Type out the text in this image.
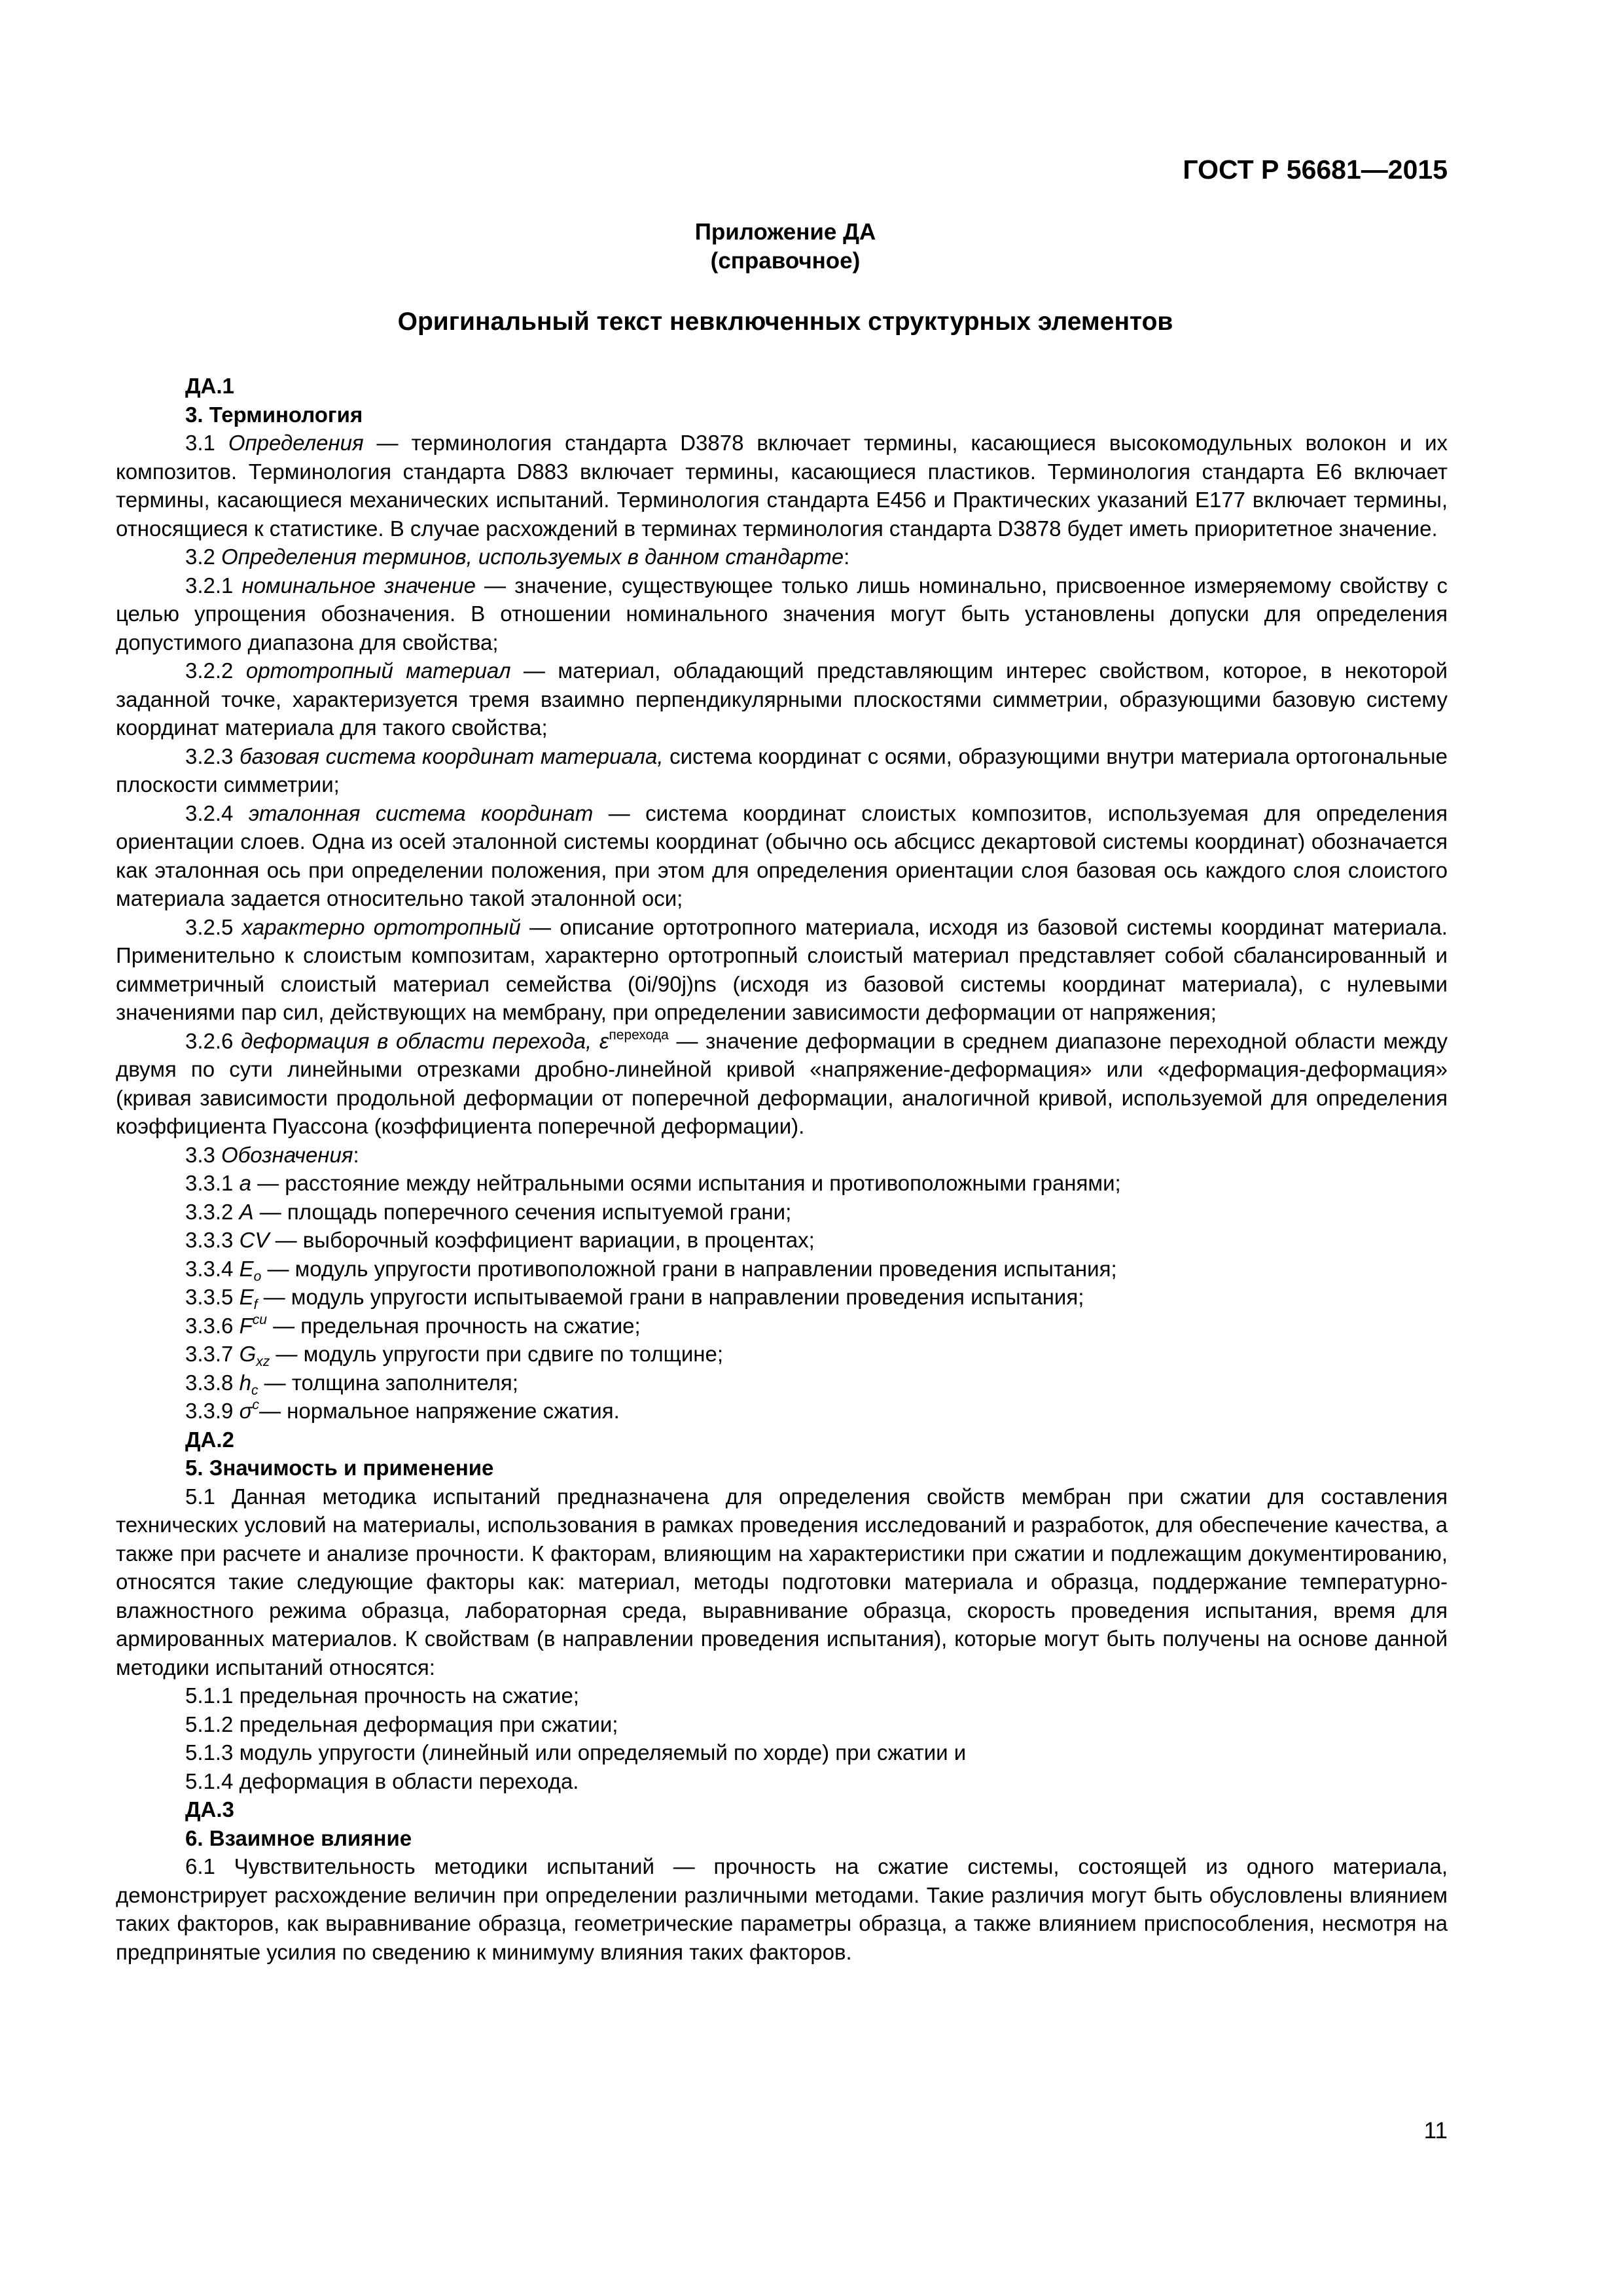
ГОСТ Р 56681—2015
Приложение ДА
(справочное)
Оригинальный текст невключенных структурных элементов

ДА.1

3. Терминология

3.1 Определения — терминология стандарта D3878 включает термины, касающиеся высокомодульных волокон и их композитов. Терминология стандарта D883 включает термины, касающиеся пластиков. Терминология стандарта E6 включает термины, касающиеся механических испытаний. Терминология стандарта E456 и Практических указаний E177 включает термины, относящиеся к статистике. В случае расхождений в терминах терминология стандарта D3878 будет иметь приоритетное значение.

3.2 Определения терминов, используемых в данном стандарте:

3.2.1 номинальное значение — значение, существующее только лишь номинально, присвоенное измеряемому свойству с целью упрощения обозначения. В отношении номинального значения могут быть установлены допуски для определения допустимого диапазона для свойства;

3.2.2 ортотропный материал — материал, обладающий представляющим интерес свойством, которое, в некоторой заданной точке, характеризуется тремя взаимно перпендикулярными плоскостями симметрии, образующими базовую систему координат материала для такого свойства;

3.2.3 базовая система координат материала, система координат с осями, образующими внутри материала ортогональные плоскости симметрии;

3.2.4 эталонная система координат — система координат слоистых композитов, используемая для определения ориентации слоев. Одна из осей эталонной системы координат (обычно ось абсцисс декартовой системы координат) обозначается как эталонная ось при определении положения, при этом для определения ориентации слоя базовая ось каждого слоя слоистого материала задается относительно такой эталонной оси;

3.2.5 характерно ортотропный — описание ортотропного материала, исходя из базовой системы координат материала. Применительно к слоистым композитам, характерно ортотропный слоистый материал представляет собой сбалансированный и симметричный слоистый материал семейства (0i/90j)ns (исходя из базовой системы координат материала), с нулевыми значениями пар сил, действующих на мембрану, при определении зависимости деформации от напряжения;

3.2.6 деформация в области перехода, $\varepsilon^{перехода}$ — значение деформации в среднем диапазоне переходной области между двумя по сути линейными отрезками дробно-линейной кривой «напряжение-деформация» или «деформация-деформация» (кривая зависимости продольной деформации от поперечной деформации, аналогичной кривой, используемой для определения коэффициента Пуассона (коэффициента поперечной деформации).

3.3 Обозначения:

3.3.1 a — расстояние между нейтральными осями испытания и противоположными гранями;

3.3.2 A — площадь поперечного сечения испытуемой грани;

3.3.3 CV — выборочный коэффициент вариации, в процентах;

3.3.4 $E_o$ — модуль упругости противоположной грани в направлении проведения испытания;

3.3.5 $E_f$ — модуль упругости испытываемой грани в направлении проведения испытания;

3.3.6 $F^{cu}$ — предельная прочность на сжатие;

3.3.7 $G_{xz}$ — модуль упругости при сдвиге по толщине;

3.3.8 $h_c$ — толщина заполнителя;

3.3.9 $\sigma^c—$ нормальное напряжение сжатия.

ДА.2

5. Значимость и применение

5.1 Данная методика испытаний предназначена для определения свойств мембран при сжатии для составления технических условий на материалы, использования в рамках проведения исследований и разработок, для обеспечение качества, а также при расчете и анализе прочности. К факторам, влияющим на характеристики при сжатии и подлежащим документированию, относятся такие следующие факторы как: материал, методы подготовки материала и образца, поддержание температурно-влажностного режима образца, лабораторная среда, выравнивание образца, скорость проведения испытания, время для армированных материалов. К свойствам (в направлении проведения испытания), которые могут быть получены на основе данной методики испытаний относятся:

5.1.1 предельная прочность на сжатие;

5.1.2 предельная деформация при сжатии;

5.1.3 модуль упругости (линейный или определяемый по хорде) при сжатии и

5.1.4 деформация в области перехода.

ДА.3

6. Взаимное влияние

6.1 Чувствительность методики испытаний — прочность на сжатие системы, состоящей из одного материала, демонстрирует расхождение величин при определении различными методами. Такие различия могут быть обусловлены влиянием таких факторов, как выравнивание образца, геометрические параметры образца, а также влиянием приспособления, несмотря на предпринятые усилия по сведению к минимуму влияния таких факторов.

11
